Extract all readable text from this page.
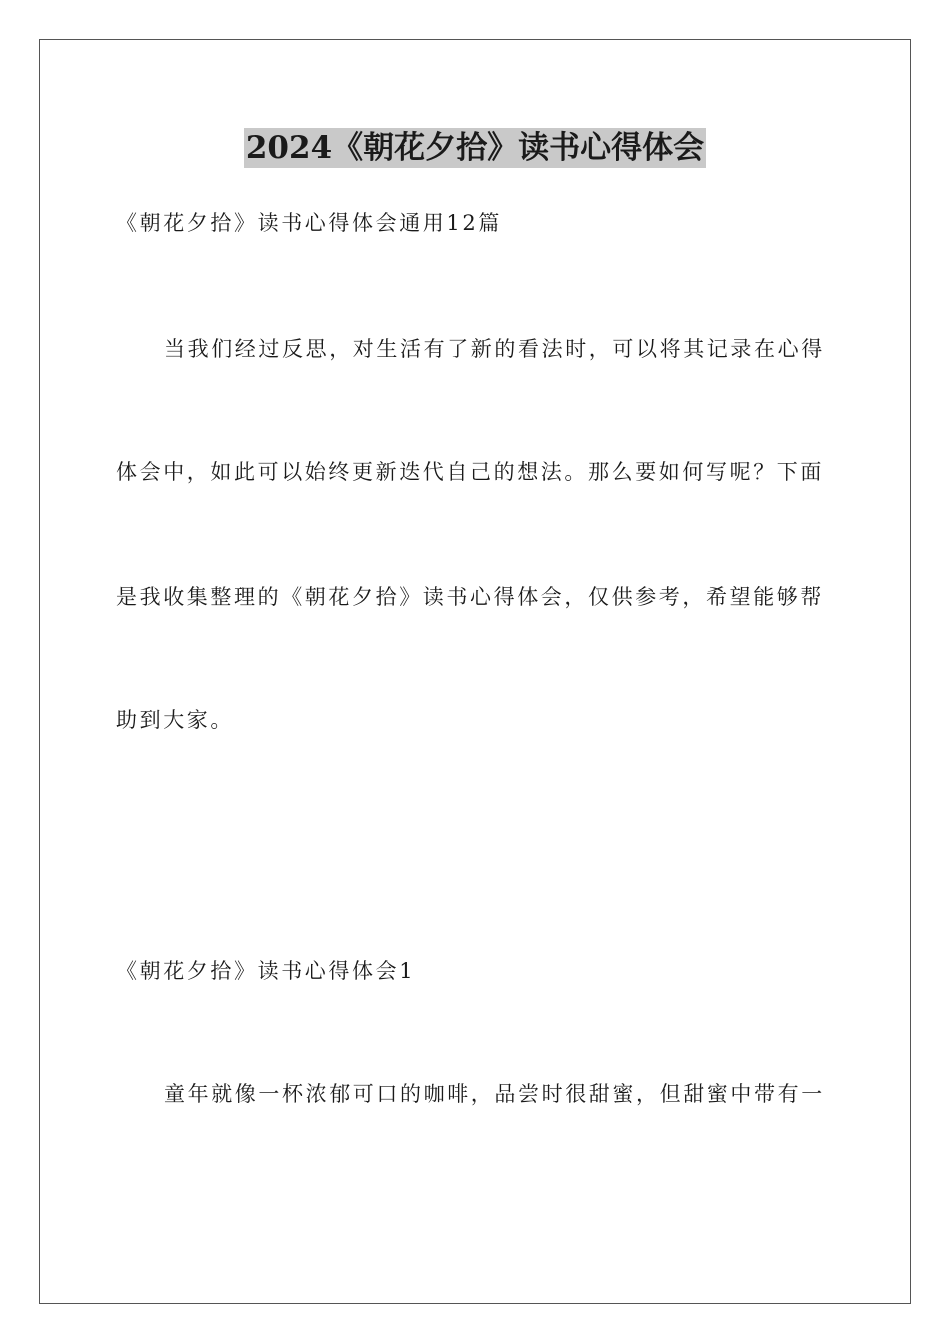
2024《朝花夕拾》读书心得体会
《朝花夕拾》读书心得体会通用12篇
当我们经过反思，对生活有了新的看法时，可以将其记录在心得
体会中，如此可以始终更新迭代自己的想法。那么要如何写呢？下面
是我收集整理的《朝花夕拾》读书心得体会，仅供参考，希望能够帮
助到大家。
《朝花夕拾》读书心得体会1
童年就像一杯浓郁可口的咖啡，品尝时很甜蜜，但甜蜜中带有一
